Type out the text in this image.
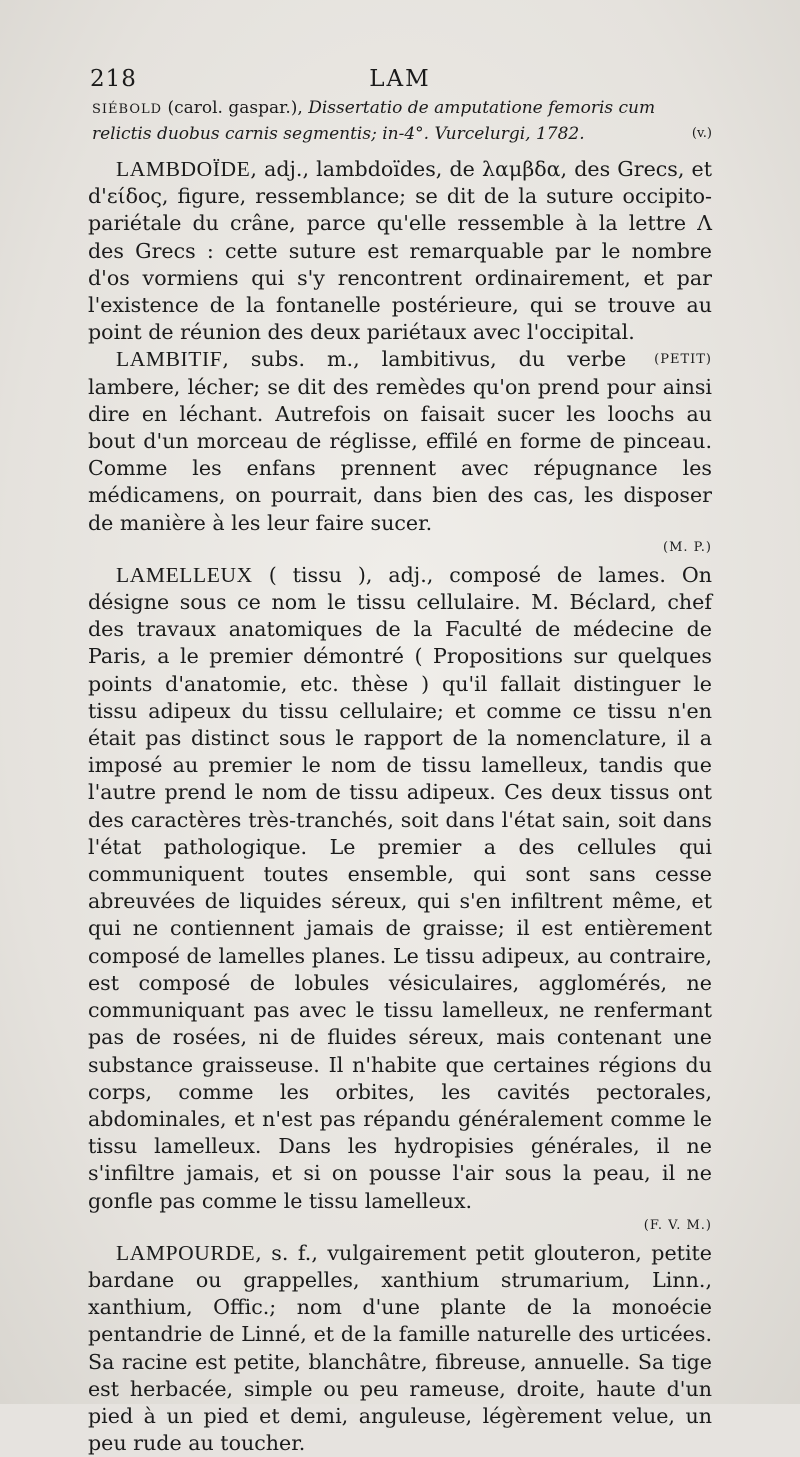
218	LAM
SIÉBOLD (carol. gaspar.), Dissertatio de amputatione femoris cum relictis duobus carnis segmentis; in-4°. Vurcelurgi, 1782.	(v.)

LAMBDOÏDE, adj., lambdoïdes, de λαμβδα, des Grecs, et d'είδος, figure, ressemblance; se dit de la suture occipito-pariétale du crâne, parce qu'elle ressemble à la lettre Λ des Grecs : cette suture est remarquable par le nombre d'os vormiens qui s'y rencontrent ordinairement, et par l'existence de la fontanelle postérieure, qui se trouve au point de réunion des deux pariétaux avec l'occipital.
(PETIT)

LAMBITIF, subs. m., lambitivus, du verbe lambere, lécher; se dit des remèdes qu'on prend pour ainsi dire en léchant. Autrefois on faisait sucer les loochs au bout d'un morceau de réglisse, effilé en forme de pinceau. Comme les enfans prennent avec répugnance les médicamens, on pourrait, dans bien des cas, les disposer de manière à les leur faire sucer.

(M. P.)

LAMELLEUX ( tissu ), adj., composé de lames. On désigne sous ce nom le tissu cellulaire. M. Béclard, chef des travaux anatomiques de la Faculté de médecine de Paris, a le premier démontré ( Propositions sur quelques points d'anatomie, etc. thèse ) qu'il fallait distinguer le tissu adipeux du tissu cellulaire; et comme ce tissu n'en était pas distinct sous le rapport de la nomenclature, il a imposé au premier le nom de tissu lamelleux, tandis que l'autre prend le nom de tissu adipeux. Ces deux tissus ont des caractères très-tranchés, soit dans l'état sain, soit dans l'état pathologique. Le premier a des cellules qui communiquent toutes ensemble, qui sont sans cesse abreuvées de liquides séreux, qui s'en infiltrent même, et qui ne contiennent jamais de graisse; il est entièrement composé de lamelles planes. Le tissu adipeux, au contraire, est composé de lobules vésiculaires, agglomérés, ne communiquant pas avec le tissu lamelleux, ne renfermant pas de rosées, ni de fluides séreux, mais contenant une substance graisseuse. Il n'habite que certaines régions du corps, comme les orbites, les cavités pectorales, abdominales, et n'est pas répandu généralement comme le tissu lamelleux. Dans les hydropisies générales, il ne s'infiltre jamais, et si on pousse l'air sous la peau, il ne gonfle pas comme le tissu lamelleux.

(F. V. M.)

LAMPOURDE, s. f., vulgairement petit glouteron, petite bardane ou grappelles, xanthium strumarium, Linn., xanthium, Offic.; nom d'une plante de la monoécie pentandrie de Linné, et de la famille naturelle des urticées. Sa racine est petite, blanchâtre, fibreuse, annuelle. Sa tige est herbacée, simple ou peu rameuse, droite, haute d'un pied à un pied et demi, anguleuse, légèrement velue, un peu rude au toucher.
